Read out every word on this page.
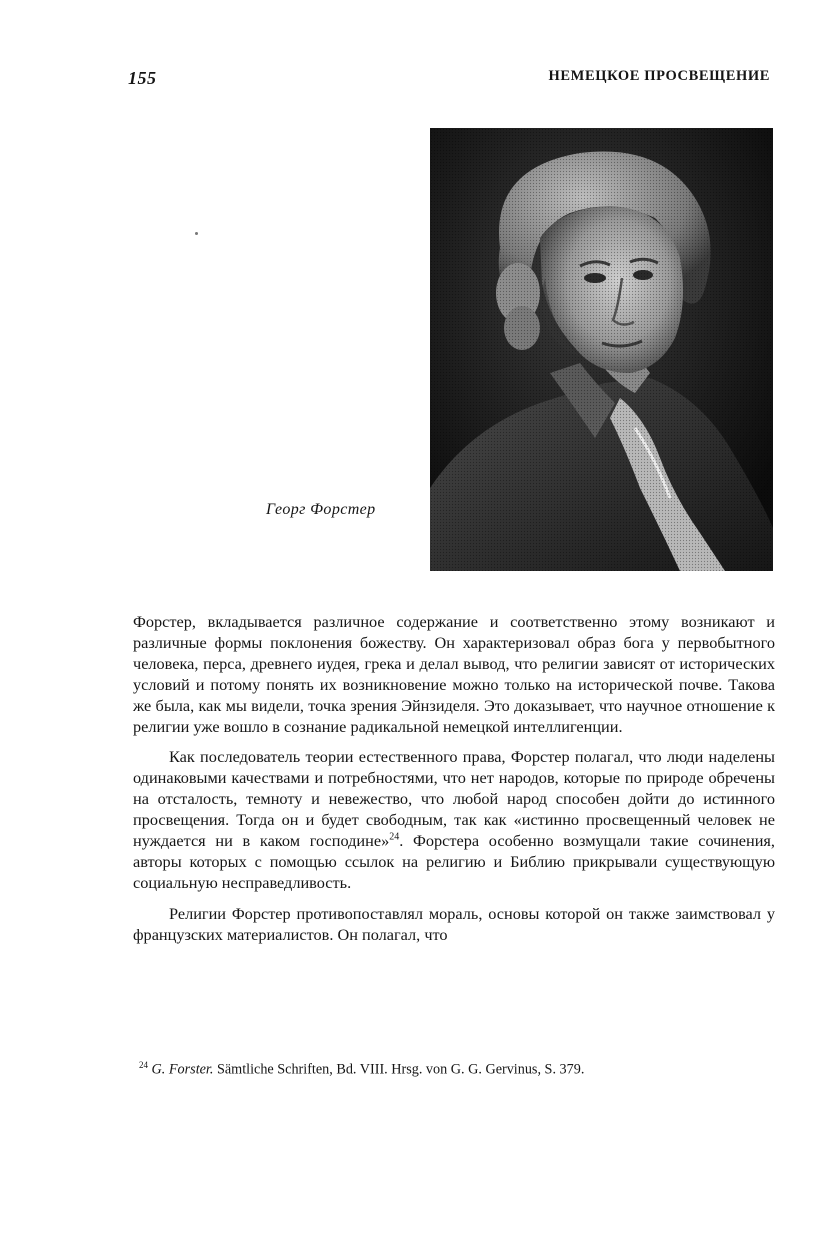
155	НЕМЕЦКОЕ ПРОСВЕЩЕНИЕ
Георг Форстер

Форстер, вкладывается различное содержание и соответственно этому возникают и различные формы поклонения божеству. Он характеризовал образ бога у первобытного человека, перса, древнего иудея, грека и делал вывод, что религии зависят от исторических условий и потому понять их возникновение можно только на исторической почве. Такова же была, как мы видели, точка зрения Эйнзиделя. Это доказывает, что научное отношение к религии уже вошло в сознание радикальной немецкой интеллигенции.

Как последователь теории естественного права, Форстер полагал, что люди наделены одинаковыми качествами и потребностями, что нет народов, которые по природе обречены на отсталость, темноту и невежество, что любой народ способен дойти до истинного просвещения. Тогда он и будет свободным, так как «истинно просвещенный человек не нуждается ни в каком господине»$^{24}$. Форстера особенно возмущали такие сочинения, авторы которых с помощью ссылок на религию и Библию прикрывали существующую социальную несправедливость.

Религии Форстер противопоставлял мораль, основы которой он также заимствовал у французских материалистов. Он полагал, что

$^{24}$ G. Forster. Sämtliche Schriften, Bd. VIII. Hrsg. von G. G. Gervinus, S. 379.
